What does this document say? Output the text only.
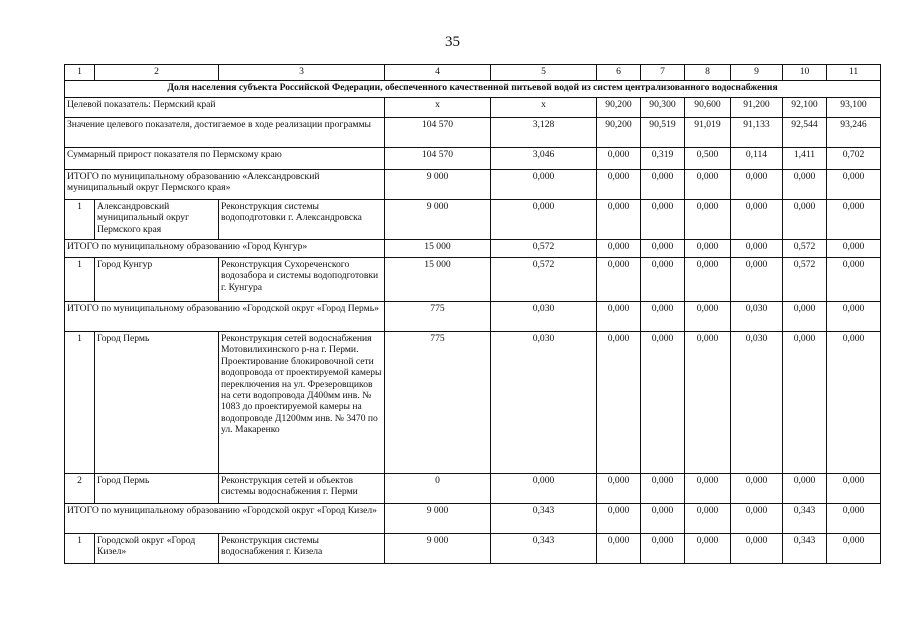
35
1	2	3	4	5	6	7	8	9	10	11
Доля населения субъекта Российской Федерации, обеспеченного качественной питьевой водой из систем централизованного водоснабжения										
Целевой показатель: Пермский край			x	x	90,200	90,300	90,600	91,200	92,100	93,100
Значение целевого показателя, достигаемое в ходе реализации программы			104 570	3,128	90,200	90,519	91,019	91,133	92,544	93,246
Суммарный прирост показателя по Пермскому краю			104 570	3,046	0,000	0,319	0,500	0,114	1,411	0,702
ИТОГО по муниципальному образованию «Александровский муниципальный округ Пермского края»			9 000	0,000	0,000	0,000	0,000	0,000	0,000	0,000
1	Александровский муниципальный округ Пермского края	Реконструкция системы водоподготовки г. Александровска	9 000	0,000	0,000	0,000	0,000	0,000	0,000	0,000
ИТОГО по муниципальному образованию «Город Кунгур»			15 000	0,572	0,000	0,000	0,000	0,000	0,572	0,000
1	Город Кунгур	Реконструкция Сухореченского водозабора и системы водоподготовки г. Кунгура	15 000	0,572	0,000	0,000	0,000	0,000	0,572	0,000
ИТОГО по муниципальному образованию «Городской округ «Город Пермь»			775	0,030	0,000	0,000	0,000	0,030	0,000	0,000
1	Город Пермь	Реконструкция сетей водоснабжения Мотовилихинского р-на г. Перми. Проектирование блокировочной сети водопровода от проектируемой камеры переключения на ул. Фрезеровщиков на сети водопровода Д400мм инв. № 1083 до проектируемой камеры на водопроводе Д1200мм инв. № 3470 по ул. Макаренко	775	0,030	0,000	0,000	0,000	0,030	0,000	0,000
2	Город Пермь	Реконструкция сетей и объектов системы водоснабжения г. Перми	0	0,000	0,000	0,000	0,000	0,000	0,000	0,000
ИТОГО по муниципальному образованию «Городской округ «Город Кизел»			9 000	0,343	0,000	0,000	0,000	0,000	0,343	0,000
1	Городской округ «Город Кизел»	Реконструкция системы водоснабжения г. Кизела	9 000	0,343	0,000	0,000	0,000	0,000	0,343	0,000
